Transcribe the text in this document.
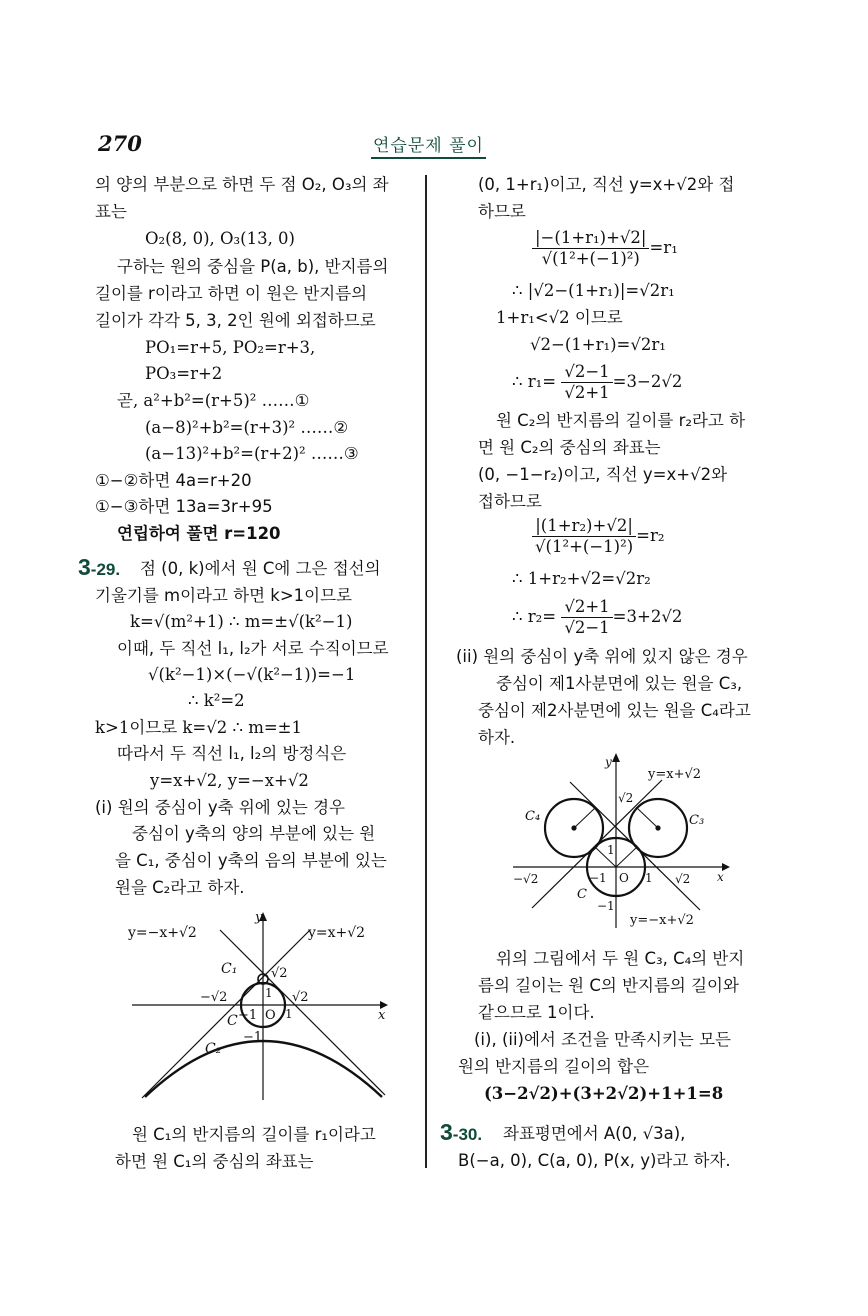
270	연습문제 풀이
의 양의 부분으로 하면 두 점 O₂, O₃의 좌
표는
O₂(8, 0), O₃(13, 0)
구하는 원의 중심을 P(a, b), 반지름의
길이를 r이라고 하면 이 원은 반지름의
길이가 각각 5, 3, 2인 원에 외접하므로
PO₁=r+5, PO₂=r+3,
PO₃=r+2
곧, a²+b²=(r+5)² ……①
(a−8)²+b²=(r+3)² ……②
(a−13)²+b²=(r+2)² ……③
①−②하면 4a=r+20
①−③하면 13a=3r+95
연립하여 풀면 r=120
3-29. 점 (0, k)에서 원 C에 그은 접선의
기울기를 m이라고 하면 k>1이므로
k=√(m²+1) ∴ m=±√(k²−1)
이때, 두 직선 l₁, l₂가 서로 수직이므로
√(k²−1)×(−√(k²−1))=−1
∴ k²=2
k>1이므로 k=√2 ∴ m=±1
따라서 두 직선 l₁, l₂의 방정식은
y=x+√2, y=−x+√2
(i) 원의 중심이 y축 위에 있는 경우
중심이 y축의 양의 부분에 있는 원
을 C₁, 중심이 y축의 음의 부분에 있는
원을 C₂라고 하자.
y
x
y=−x+√2	y=x+√2
C₁	√2
−√2	√2
1
−1 O 1
C
−1
C₂
원 C₁의 반지름의 길이를 r₁이라고
하면 원 C₁의 중심의 좌표는
(0, 1+r₁)이고, 직선 y=x+√2와 접
하므로
$\frac{\text{|−(1+r₁)+√2|}}{\text{√(1²+(−1)²)}} =r_1$
∴ |√2−(1+r₁)|=√2r₁
1+r₁<√2 이므로
√2−(1+r₁)=√2r₁
∴ $r_1= \frac{√2-1}{√2+1} =3-2√2$
원 C₂의 반지름의 길이를 r₂라고 하
면 원 C₂의 중심의 좌표는
(0, −1−r₂)이고, 직선 y=x+√2와
접하므로
$\frac{\text{|(1+r₂)+√2|}}{\text{√(1²+(−1)²)}} =r_2$
∴ 1+r₂+√2=√2r₂
∴ $r_2= \frac{√2+1}{√2-1} =3+2√2$
(ii) 원의 중심이 y축 위에 있지 않은 경우
중심이 제1사분면에 있는 원을 C₃,
중심이 제2사분면에 있는 원을 C₄라고
하자.
y
x
y=x+√2
y=−x+√2
C₄	C₃
C
√2
−√2	√2
1
−1 O 1
−1
위의 그림에서 두 원 C₃, C₄의 반지
름의 길이는 원 C의 반지름의 길이와
같으므로 1이다.
(i), (ii)에서 조건을 만족시키는 모든
원의 반지름의 길이의 합은
(3−2√2)+(3+2√2)+1+1=8
3-30. 좌표평면에서 A(0, √3a),
B(−a, 0), C(a, 0), P(x, y)라고 하자.
